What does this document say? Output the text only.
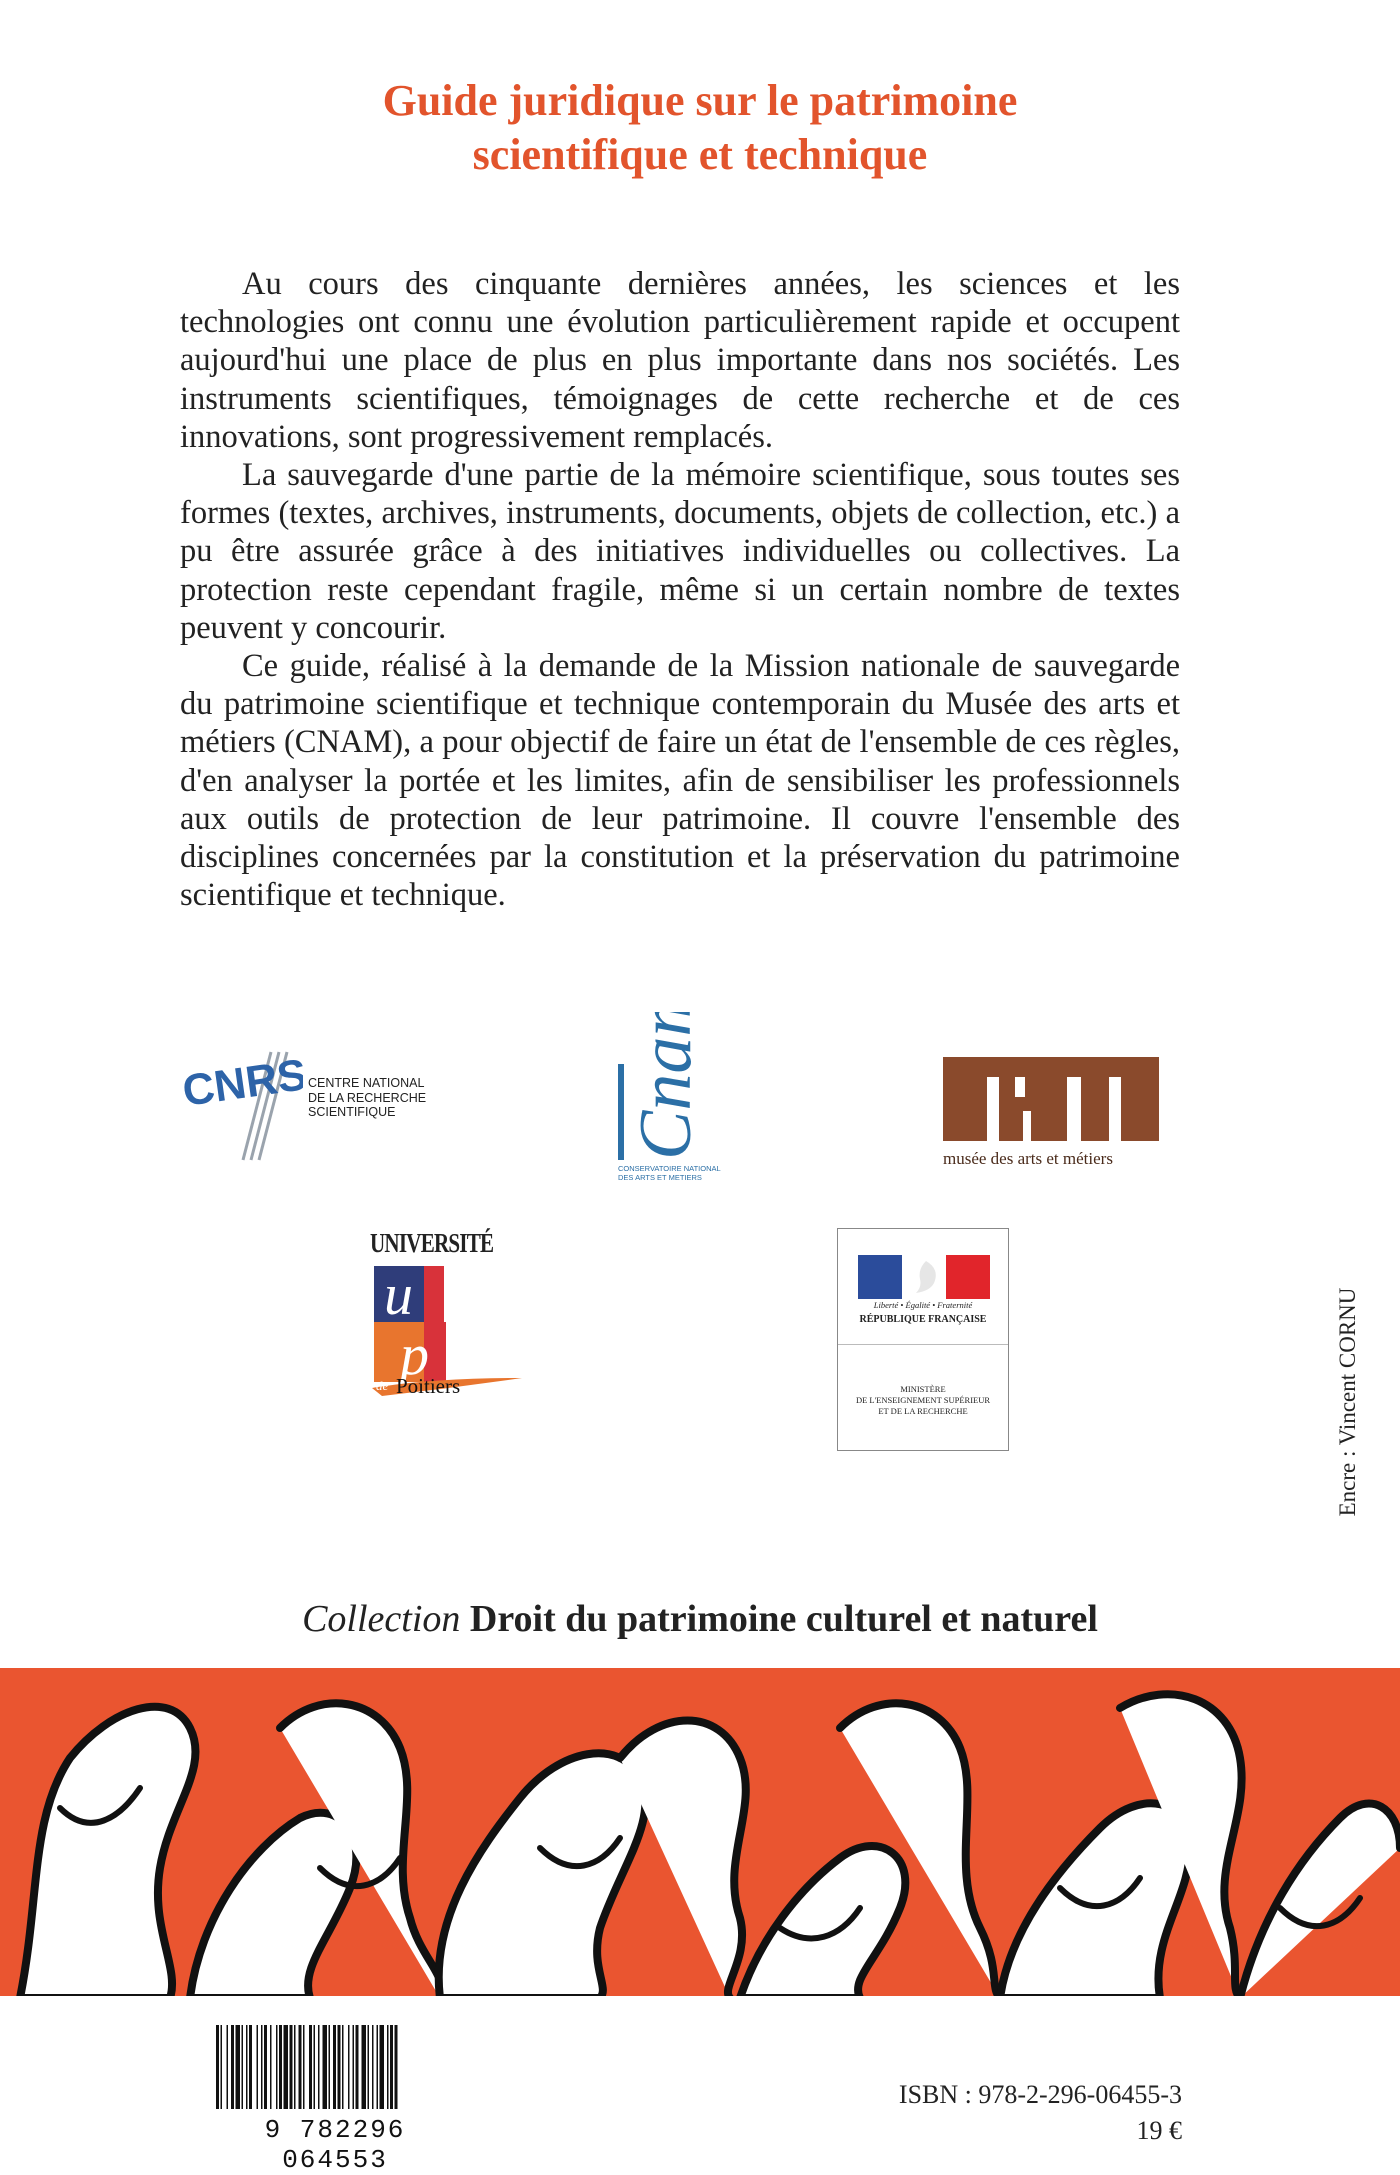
Guide juridique sur le patrimoine
scientifique et technique

Au cours des cinquante dernières années, les sciences et les technologies ont connu une évolution particulièrement rapide et occupent aujourd'hui une place de plus en plus importante dans nos sociétés. Les instruments scientifiques, témoignages de cette recherche et de ces innovations, sont progressivement remplacés.

La sauvegarde d'une partie de la mémoire scientifique, sous toutes ses formes (textes, archives, instruments, documents, objets de collection, etc.) a pu être assurée grâce à des initiatives individuelles ou collectives. La protection reste cependant fragile, même si un certain nombre de textes peuvent y concourir.

Ce guide, réalisé à la demande de la Mission nationale de sauvegarde du patrimoine scientifique et technique contemporain du Musée des arts et métiers (CNAM), a pour objectif de faire un état de l'ensemble de ces règles, d'en analyser la portée et les limites, afin de sensibiliser les professionnels aux outils de protection de leur patrimoine. Il couvre l'ensemble des disciplines concernées par la constitution et la préservation du patrimoine scientifique et technique.

CNRS
CENTRE NATIONAL
DE LA RECHERCHE
SCIENTIFIQUE	Cnam
CONSERVATOIRE NATIONAL
DES ARTS ET METIERS
musée des arts et métiers
UNIVERSITÉ
u
p
de Poitiers
Liberté • Égalité • Fraternité
RÉPUBLIQUE FRANÇAISE
MINISTÈRE
DE L'ENSEIGNEMENT SUPÉRIEUR
ET DE LA RECHERCHE	Encre : Vincent CORNU
Collection Droit du patrimoine culturel et naturel
9 782296 064553
ISBN : 978-2-296-06455-3
19 €
